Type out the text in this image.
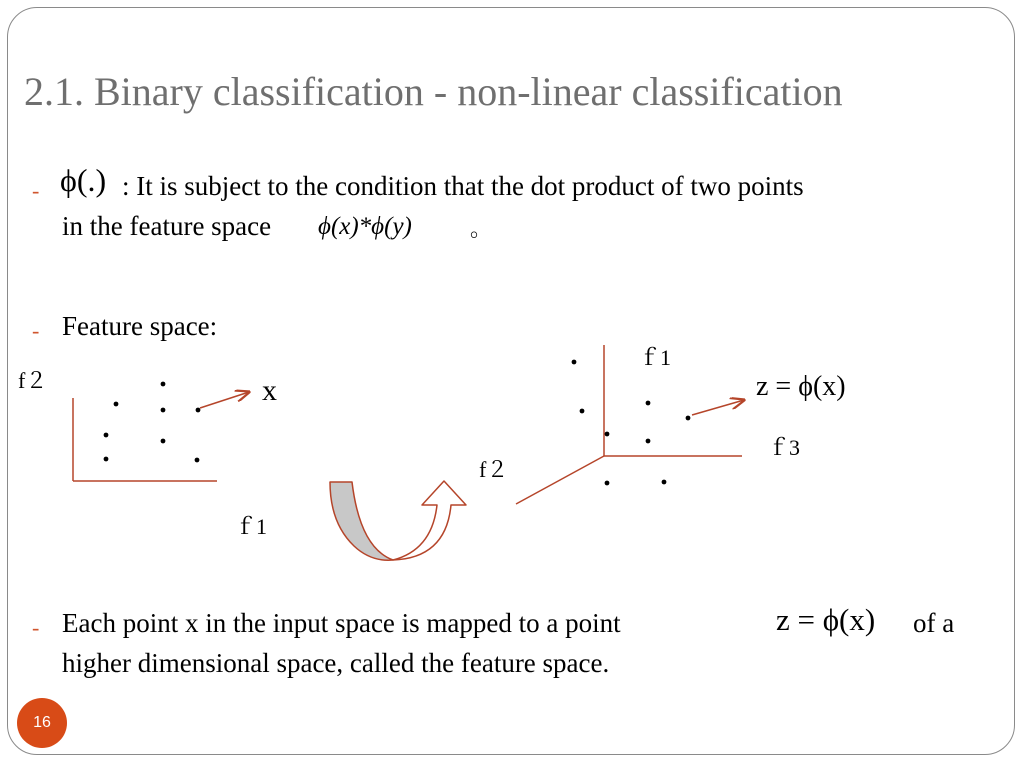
2.1. Binary classification - non-linear classification
- ϕ(.) : It is subject to the condition that the dot product of two points
in the feature space ϕ(x)*ϕ(y)	。
- Feature space:
f２
ｆ1
x
ｆ1
f２
ｆ3
z = ϕ(x)
- Each point x in the input space is mapped to a point	z = ϕ(x) of a
higher dimensional space, called the feature space.
16
